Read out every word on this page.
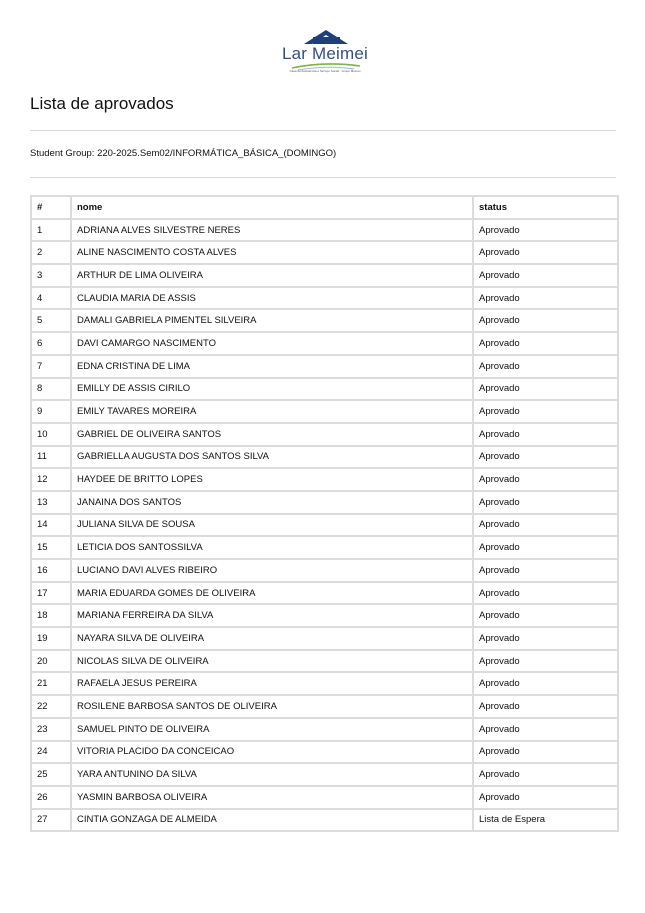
Lar Meimei
Casa de Assistência e Serviço Social · Grupo Meimei
Lista de aprovados
Student Group: 220-2025.Sem02/INFORMÁTICA_BÁSICA_(DOMINGO)
#	nome	status
1	ADRIANA ALVES SILVESTRE NERES	Aprovado
2	ALINE NASCIMENTO COSTA ALVES	Aprovado
3	ARTHUR DE LIMA OLIVEIRA	Aprovado
4	CLAUDIA MARIA DE ASSIS	Aprovado
5	DAMALI GABRIELA PIMENTEL SILVEIRA	Aprovado
6	DAVI CAMARGO NASCIMENTO	Aprovado
7	EDNA CRISTINA DE LIMA	Aprovado
8	EMILLY DE ASSIS CIRILO	Aprovado
9	EMILY TAVARES MOREIRA	Aprovado
10	GABRIEL DE OLIVEIRA SANTOS	Aprovado
11	GABRIELLA AUGUSTA DOS SANTOS SILVA	Aprovado
12	HAYDEE DE BRITTO LOPES	Aprovado
13	JANAINA DOS SANTOS	Aprovado
14	JULIANA SILVA DE SOUSA	Aprovado
15	LETICIA DOS SANTOSSILVA	Aprovado
16	LUCIANO DAVI ALVES RIBEIRO	Aprovado
17	MARIA EDUARDA GOMES DE OLIVEIRA	Aprovado
18	MARIANA FERREIRA DA SILVA	Aprovado
19	NAYARA SILVA DE OLIVEIRA	Aprovado
20	NICOLAS SILVA DE OLIVEIRA	Aprovado
21	RAFAELA JESUS PEREIRA	Aprovado
22	ROSILENE BARBOSA SANTOS DE OLIVEIRA	Aprovado
23	SAMUEL PINTO DE OLIVEIRA	Aprovado
24	VITORIA PLACIDO DA CONCEICAO	Aprovado
25	YARA ANTUNINO DA SILVA	Aprovado
26	YASMIN BARBOSA OLIVEIRA	Aprovado
27	CINTIA GONZAGA DE ALMEIDA	Lista de Espera
